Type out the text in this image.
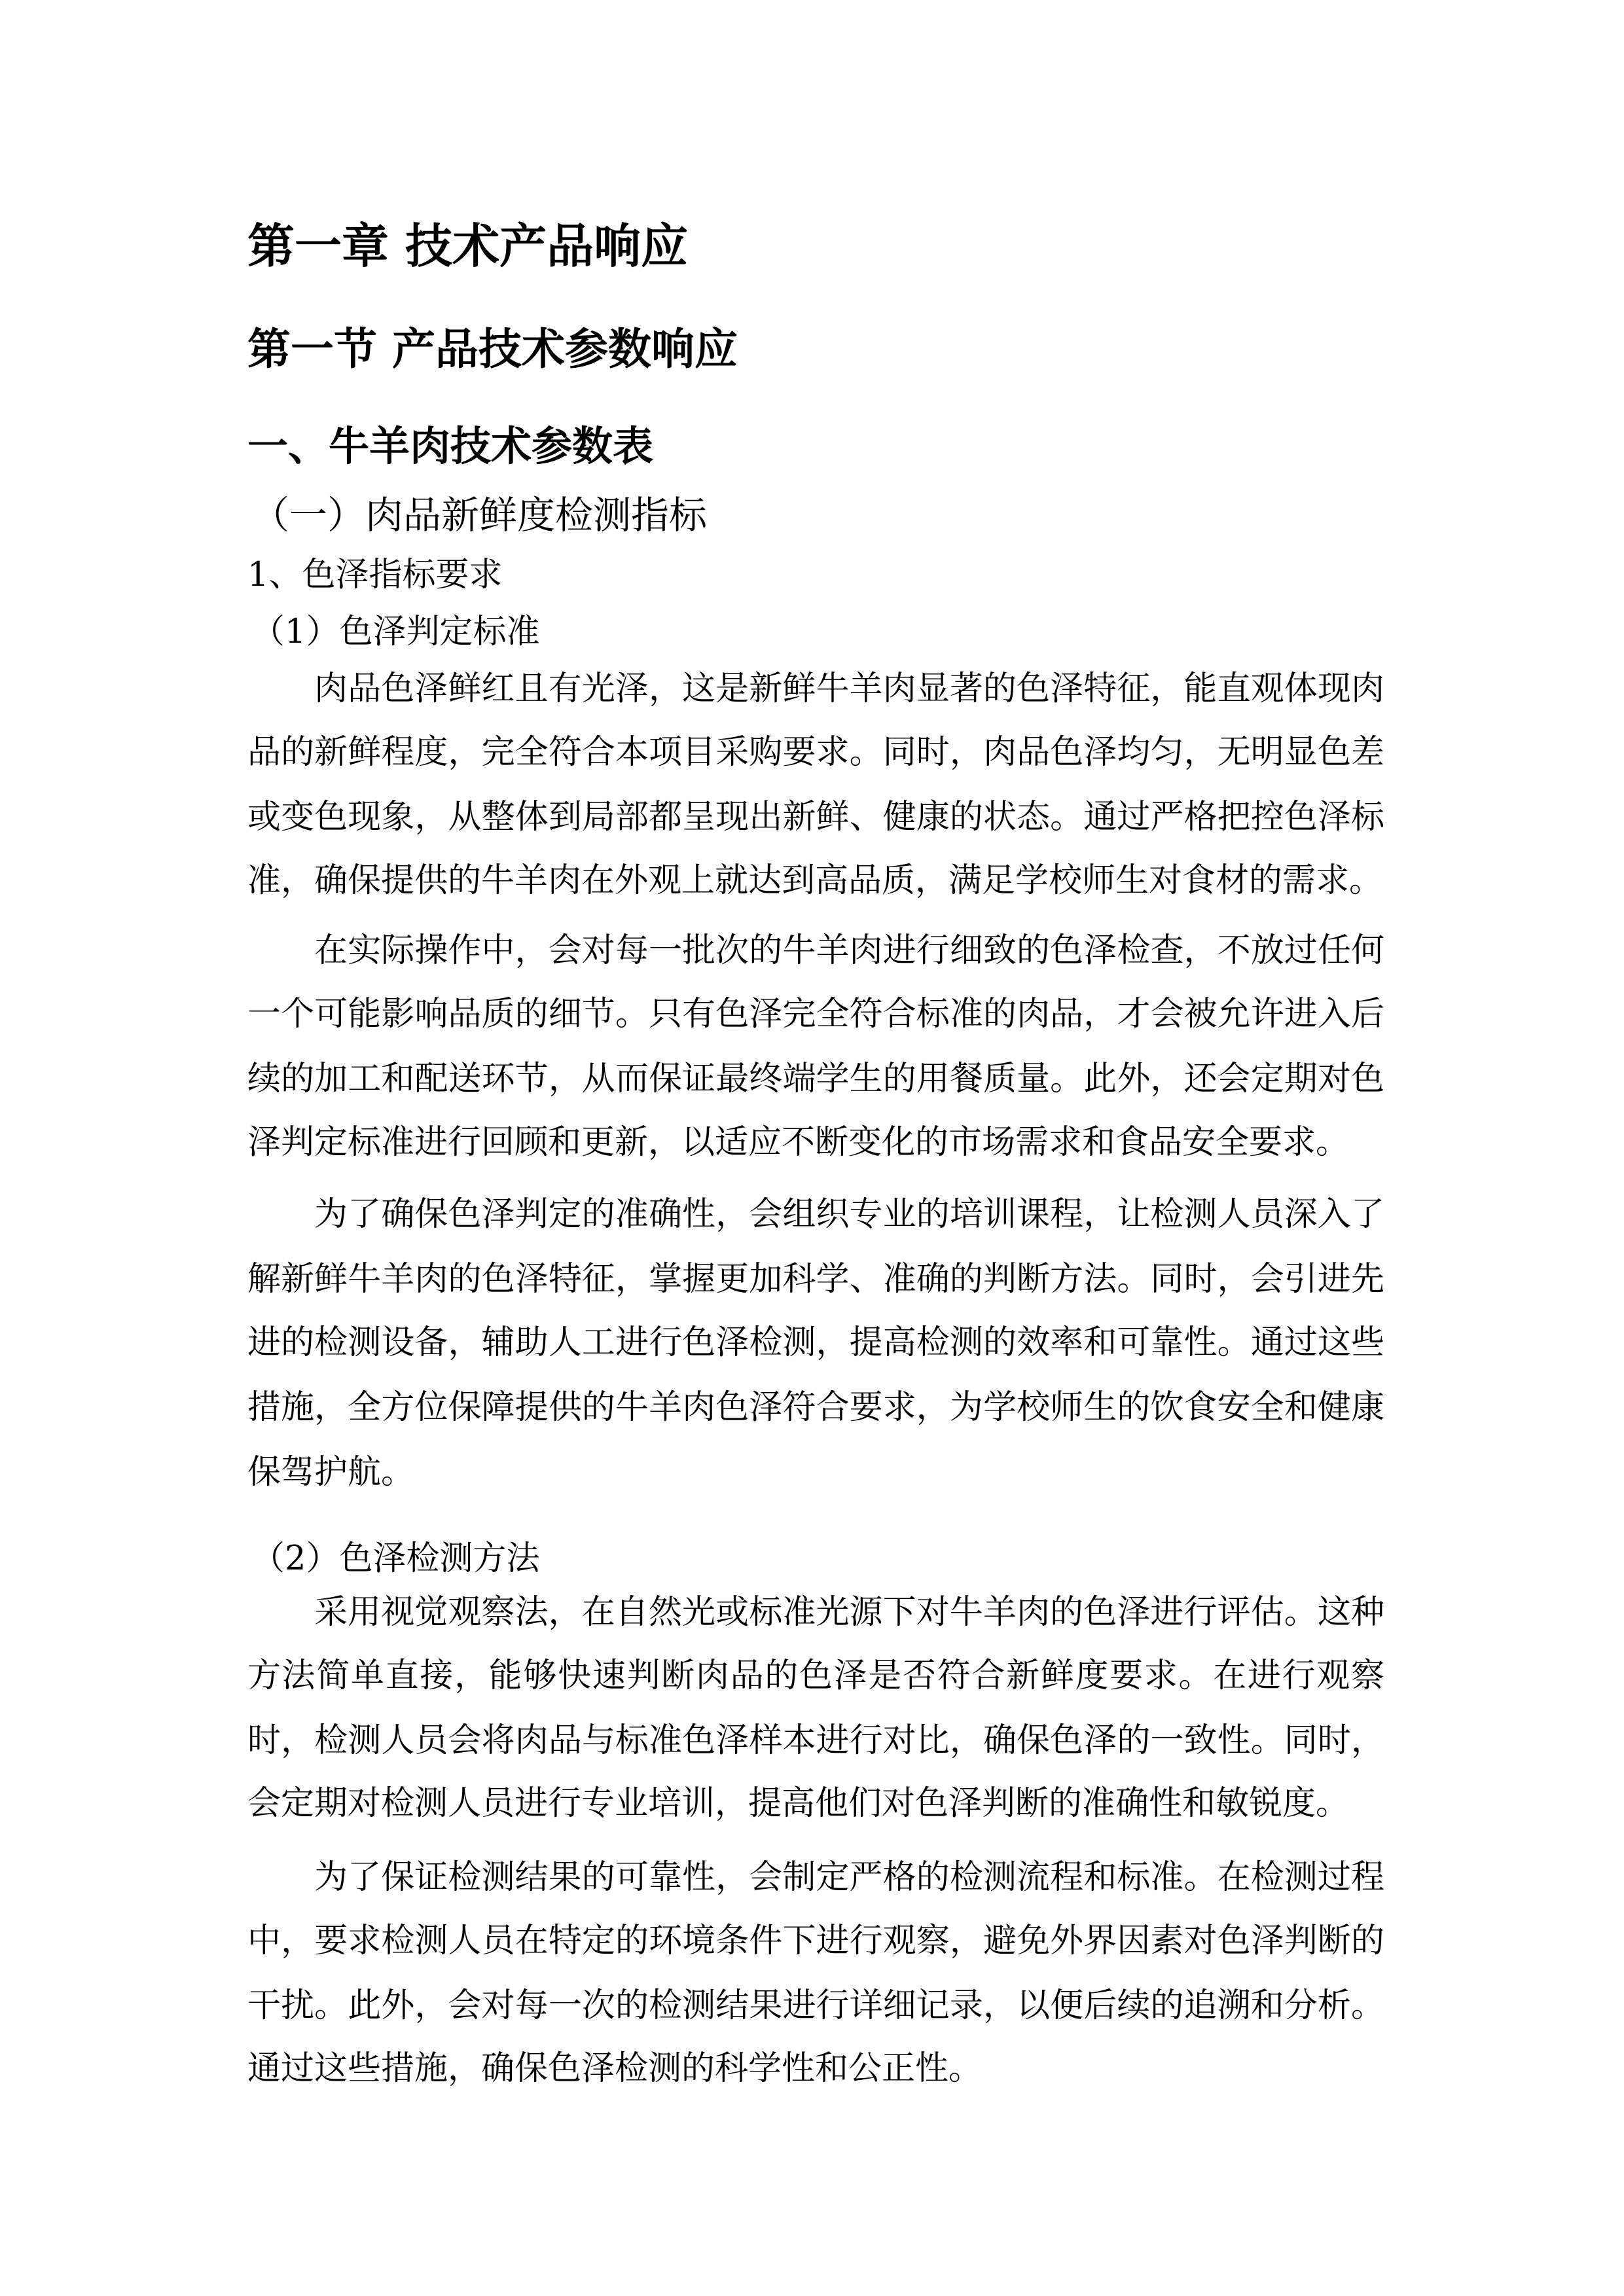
第一章 技术产品响应
第一节 产品技术参数响应
一、牛羊肉技术参数表
（一）肉品新鲜度检测指标
1、色泽指标要求
（1）色泽判定标准
肉品色泽鲜红且有光泽，这是新鲜牛羊肉显著的色泽特征，能直观体现肉
品的新鲜程度，完全符合本项目采购要求。同时，肉品色泽均匀，无明显色差
或变色现象，从整体到局部都呈现出新鲜、健康的状态。通过严格把控色泽标
准，确保提供的牛羊肉在外观上就达到高品质，满足学校师生对食材的需求。
在实际操作中，会对每一批次的牛羊肉进行细致的色泽检查，不放过任何
一个可能影响品质的细节。只有色泽完全符合标准的肉品，才会被允许进入后
续的加工和配送环节，从而保证最终端学生的用餐质量。此外，还会定期对色
泽判定标准进行回顾和更新，以适应不断变化的市场需求和食品安全要求。
为了确保色泽判定的准确性，会组织专业的培训课程，让检测人员深入了
解新鲜牛羊肉的色泽特征，掌握更加科学、准确的判断方法。同时，会引进先
进的检测设备，辅助人工进行色泽检测，提高检测的效率和可靠性。通过这些
措施，全方位保障提供的牛羊肉色泽符合要求，为学校师生的饮食安全和健康
保驾护航。
（2）色泽检测方法
采用视觉观察法，在自然光或标准光源下对牛羊肉的色泽进行评估。这种
方法简单直接，能够快速判断肉品的色泽是否符合新鲜度要求。在进行观察
时，检测人员会将肉品与标准色泽样本进行对比，确保色泽的一致性。同时，
会定期对检测人员进行专业培训，提高他们对色泽判断的准确性和敏锐度。
为了保证检测结果的可靠性，会制定严格的检测流程和标准。在检测过程
中，要求检测人员在特定的环境条件下进行观察，避免外界因素对色泽判断的
干扰。此外，会对每一次的检测结果进行详细记录，以便后续的追溯和分析。
通过这些措施，确保色泽检测的科学性和公正性。
